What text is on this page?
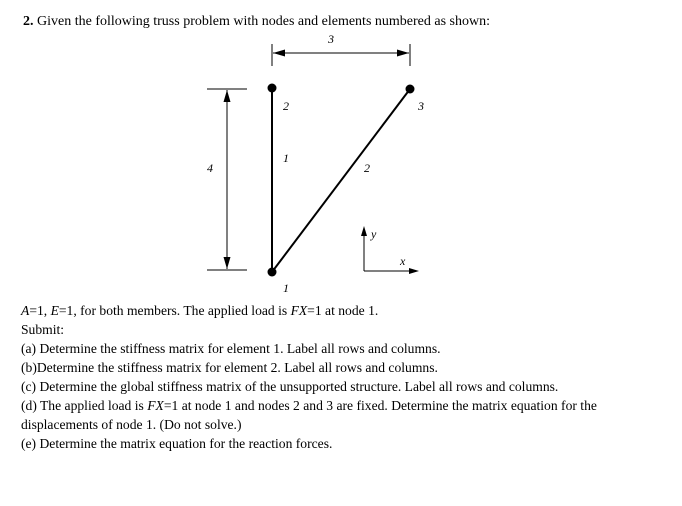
2. Given the following truss problem with nodes and elements numbered as shown:
3
4
1
2	3
1
2
y
x
A=1, E=1, for both members. The applied load is FX=1 at node 1.
Submit:
(a) Determine the stiffness matrix for element 1. Label all rows and columns.
(b)Determine the stiffness matrix for element 2. Label all rows and columns.
(c) Determine the global stiffness matrix of the unsupported structure. Label all rows and columns.
(d) The applied load is FX=1 at node 1 and nodes 2 and 3 are fixed. Determine the matrix equation for the displacements of node 1. (Do not solve.)
(e) Determine the matrix equation for the reaction forces.
